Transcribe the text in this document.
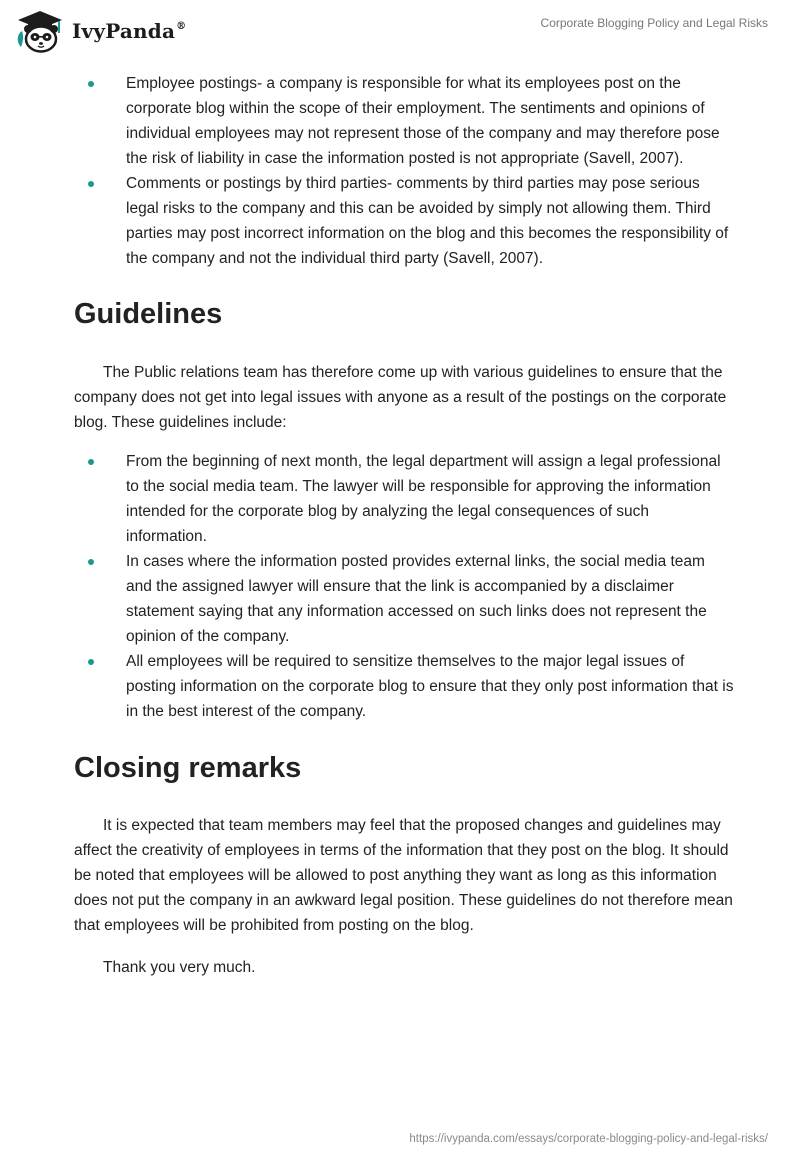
IvyPanda®	Corporate Blogging Policy and Legal Risks
Employee postings- a company is responsible for what its employees post on the corporate blog within the scope of their employment. The sentiments and opinions of individual employees may not represent those of the company and may therefore pose the risk of liability in case the information posted is not appropriate (Savell, 2007).
Comments or postings by third parties- comments by third parties may pose serious legal risks to the company and this can be avoided by simply not allowing them. Third parties may post incorrect information on the blog and this becomes the responsibility of the company and not the individual third party (Savell, 2007).
Guidelines

The Public relations team has therefore come up with various guidelines to ensure that the company does not get into legal issues with anyone as a result of the postings on the corporate blog. These guidelines include:

From the beginning of next month, the legal department will assign a legal professional to the social media team. The lawyer will be responsible for approving the information intended for the corporate blog by analyzing the legal consequences of such information.
In cases where the information posted provides external links, the social media team and the assigned lawyer will ensure that the link is accompanied by a disclaimer statement saying that any information accessed on such links does not represent the opinion of the company.
All employees will be required to sensitize themselves to the major legal issues of posting information on the corporate blog to ensure that they only post information that is in the best interest of the company.
Closing remarks

It is expected that team members may feel that the proposed changes and guidelines may affect the creativity of employees in terms of the information that they post on the blog. It should be noted that employees will be allowed to post anything they want as long as this information does not put the company in an awkward legal position. These guidelines do not therefore mean that employees will be prohibited from posting on the blog.

Thank you very much.

https://ivypanda.com/essays/corporate-blogging-policy-and-legal-risks/
